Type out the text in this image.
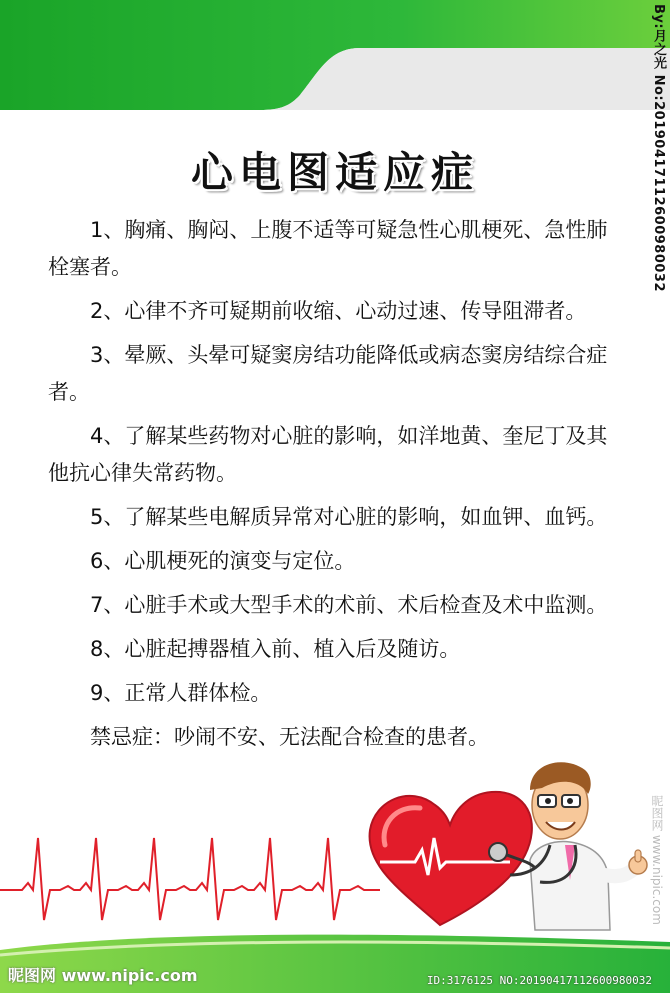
心电图适应症

1、胸痛、胸闷、上腹不适等可疑急性心肌梗死、急性肺栓塞者。

2、心律不齐可疑期前收缩、心动过速、传导阻滞者。

3、晕厥、头晕可疑窦房结功能降低或病态窦房结综合症者。

4、了解某些药物对心脏的影响，如洋地黄、奎尼丁及其他抗心律失常药物。

5、了解某些电解质异常对心脏的影响，如血钾、血钙。

6、心肌梗死的演变与定位。

7、心脏手术或大型手术的术前、术后检查及术中监测。

8、心脏起搏器植入前、植入后及随访。

9、正常人群体检。

禁忌症：吵闹不安、无法配合检查的患者。

By:月之光 No:20190417112600980032
昵图网 www.nipic.com
昵图网 www.nipic.com	ID:3176125 NO:20190417112600980032
